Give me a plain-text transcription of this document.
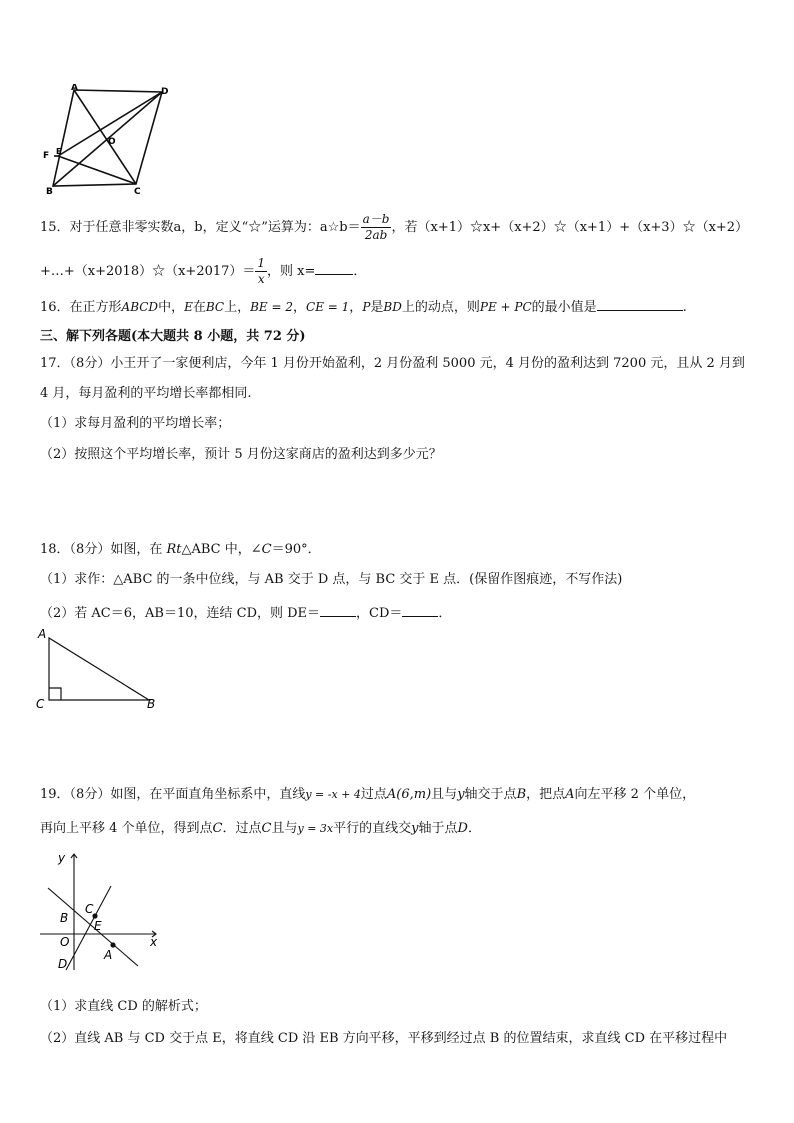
A	D
O
F E
B	C
15．对于任意非零实数a，b，定义“☆”运算为：a☆b＝ $\frac{a-b}{2ab}$ ，若（x+1）☆x+（x+2）☆（x+1）+（x+3）☆（x+2）
+…+（x+2018）☆（x+2017）＝ $\frac{1}{x}$ ，则 x=	．
16．在正方形ABCD中，E在BC上，BE = 2，CE = 1，P是BD上的动点，则PE + PC的最小值是	.
三、解下列各题(本大题共 8 小题，共 72 分)
17．（8分）小王开了一家便利店，今年 1 月份开始盈利，2 月份盈利 5000 元，4 月份的盈利达到 7200 元，且从 2 月到
4 月，每月盈利的平均增长率都相同.
（1）求每月盈利的平均增长率；
（2）按照这个平均增长率，预计 5 月份这家商店的盈利达到多少元？
18．（8分）如图，在 Rt△ABC 中，∠C＝90°．
（1）求作：△ABC 的一条中位线，与 AB 交于 D 点，与 BC 交于 E 点．(保留作图痕迹，不写作法)
（2）若 AC＝6，AB＝10，连结 CD，则 DE＝	，CD＝	．
A
C	B
19．（8分）如图，在平面直角坐标系中，直线y = -x + 4过点A(6,m)且与y轴交于点B，把点A向左平移 2 个单位，
再向上平移 4 个单位，得到点C．过点C且与y = 3x平行的直线交y轴于点D．
y
x
O
B
C
E
A
D
（1）求直线 CD 的解析式；
（2）直线 AB 与 CD 交于点 E，将直线 CD 沿 EB 方向平移，平移到经过点 B 的位置结束，求直线 CD 在平移过程中
